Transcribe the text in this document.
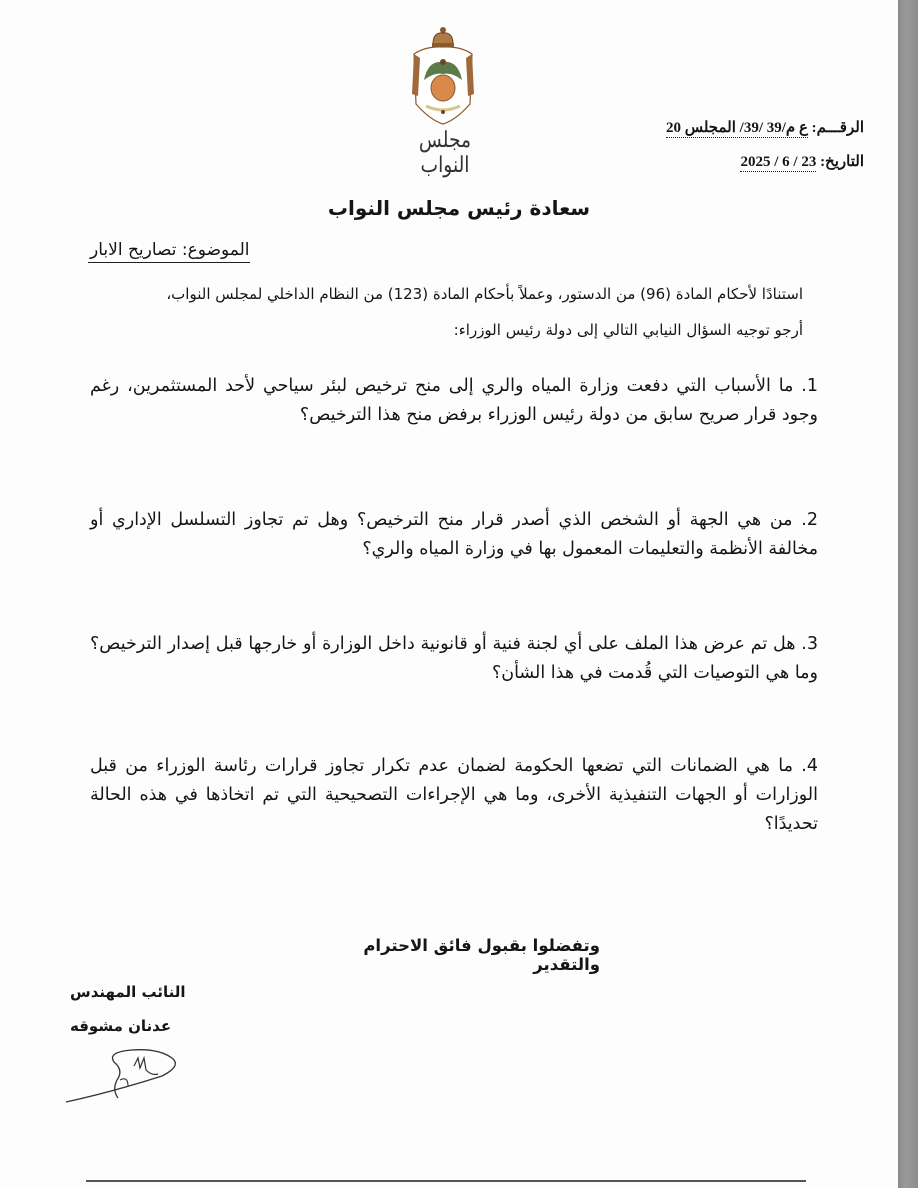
مجلس النواب
الرقـــم: ع م/39 /39/ المجلس 20
التاريخ: 23 / 6 / 2025
سعادة رئيس مجلس النواب
الموضوع: تصاريح الابار
استنادًا لأحكام المادة (96) من الدستور، وعملاً بأحكام المادة (123) من النظام الداخلي لمجلس النواب،
أرجو توجيه السؤال النيابي التالي إلى دولة رئيس الوزراء:
1. ما الأسباب التي دفعت وزارة المياه والري إلى منح ترخيص لبئر سياحي لأحد المستثمرين، رغم وجود قرار صريح سابق من دولة رئيس الوزراء برفض منح هذا الترخيص؟
2. من هي الجهة أو الشخص الذي أصدر قرار منح الترخيص؟ وهل تم تجاوز التسلسل الإداري أو مخالفة الأنظمة والتعليمات المعمول بها في وزارة المياه والري؟
3. هل تم عرض هذا الملف على أي لجنة فنية أو قانونية داخل الوزارة أو خارجها قبل إصدار الترخيص؟ وما هي التوصيات التي قُدمت في هذا الشأن؟
4. ما هي الضمانات التي تضعها الحكومة لضمان عدم تكرار تجاوز قرارات رئاسة الوزراء من قبل الوزارات أو الجهات التنفيذية الأخرى، وما هي الإجراءات التصحيحية التي تم اتخاذها في هذه الحالة تحديدًا؟
وتفضلوا بقبول فائق الاحترام والتقدير
النائب المهندس
عدنان مشوقه
